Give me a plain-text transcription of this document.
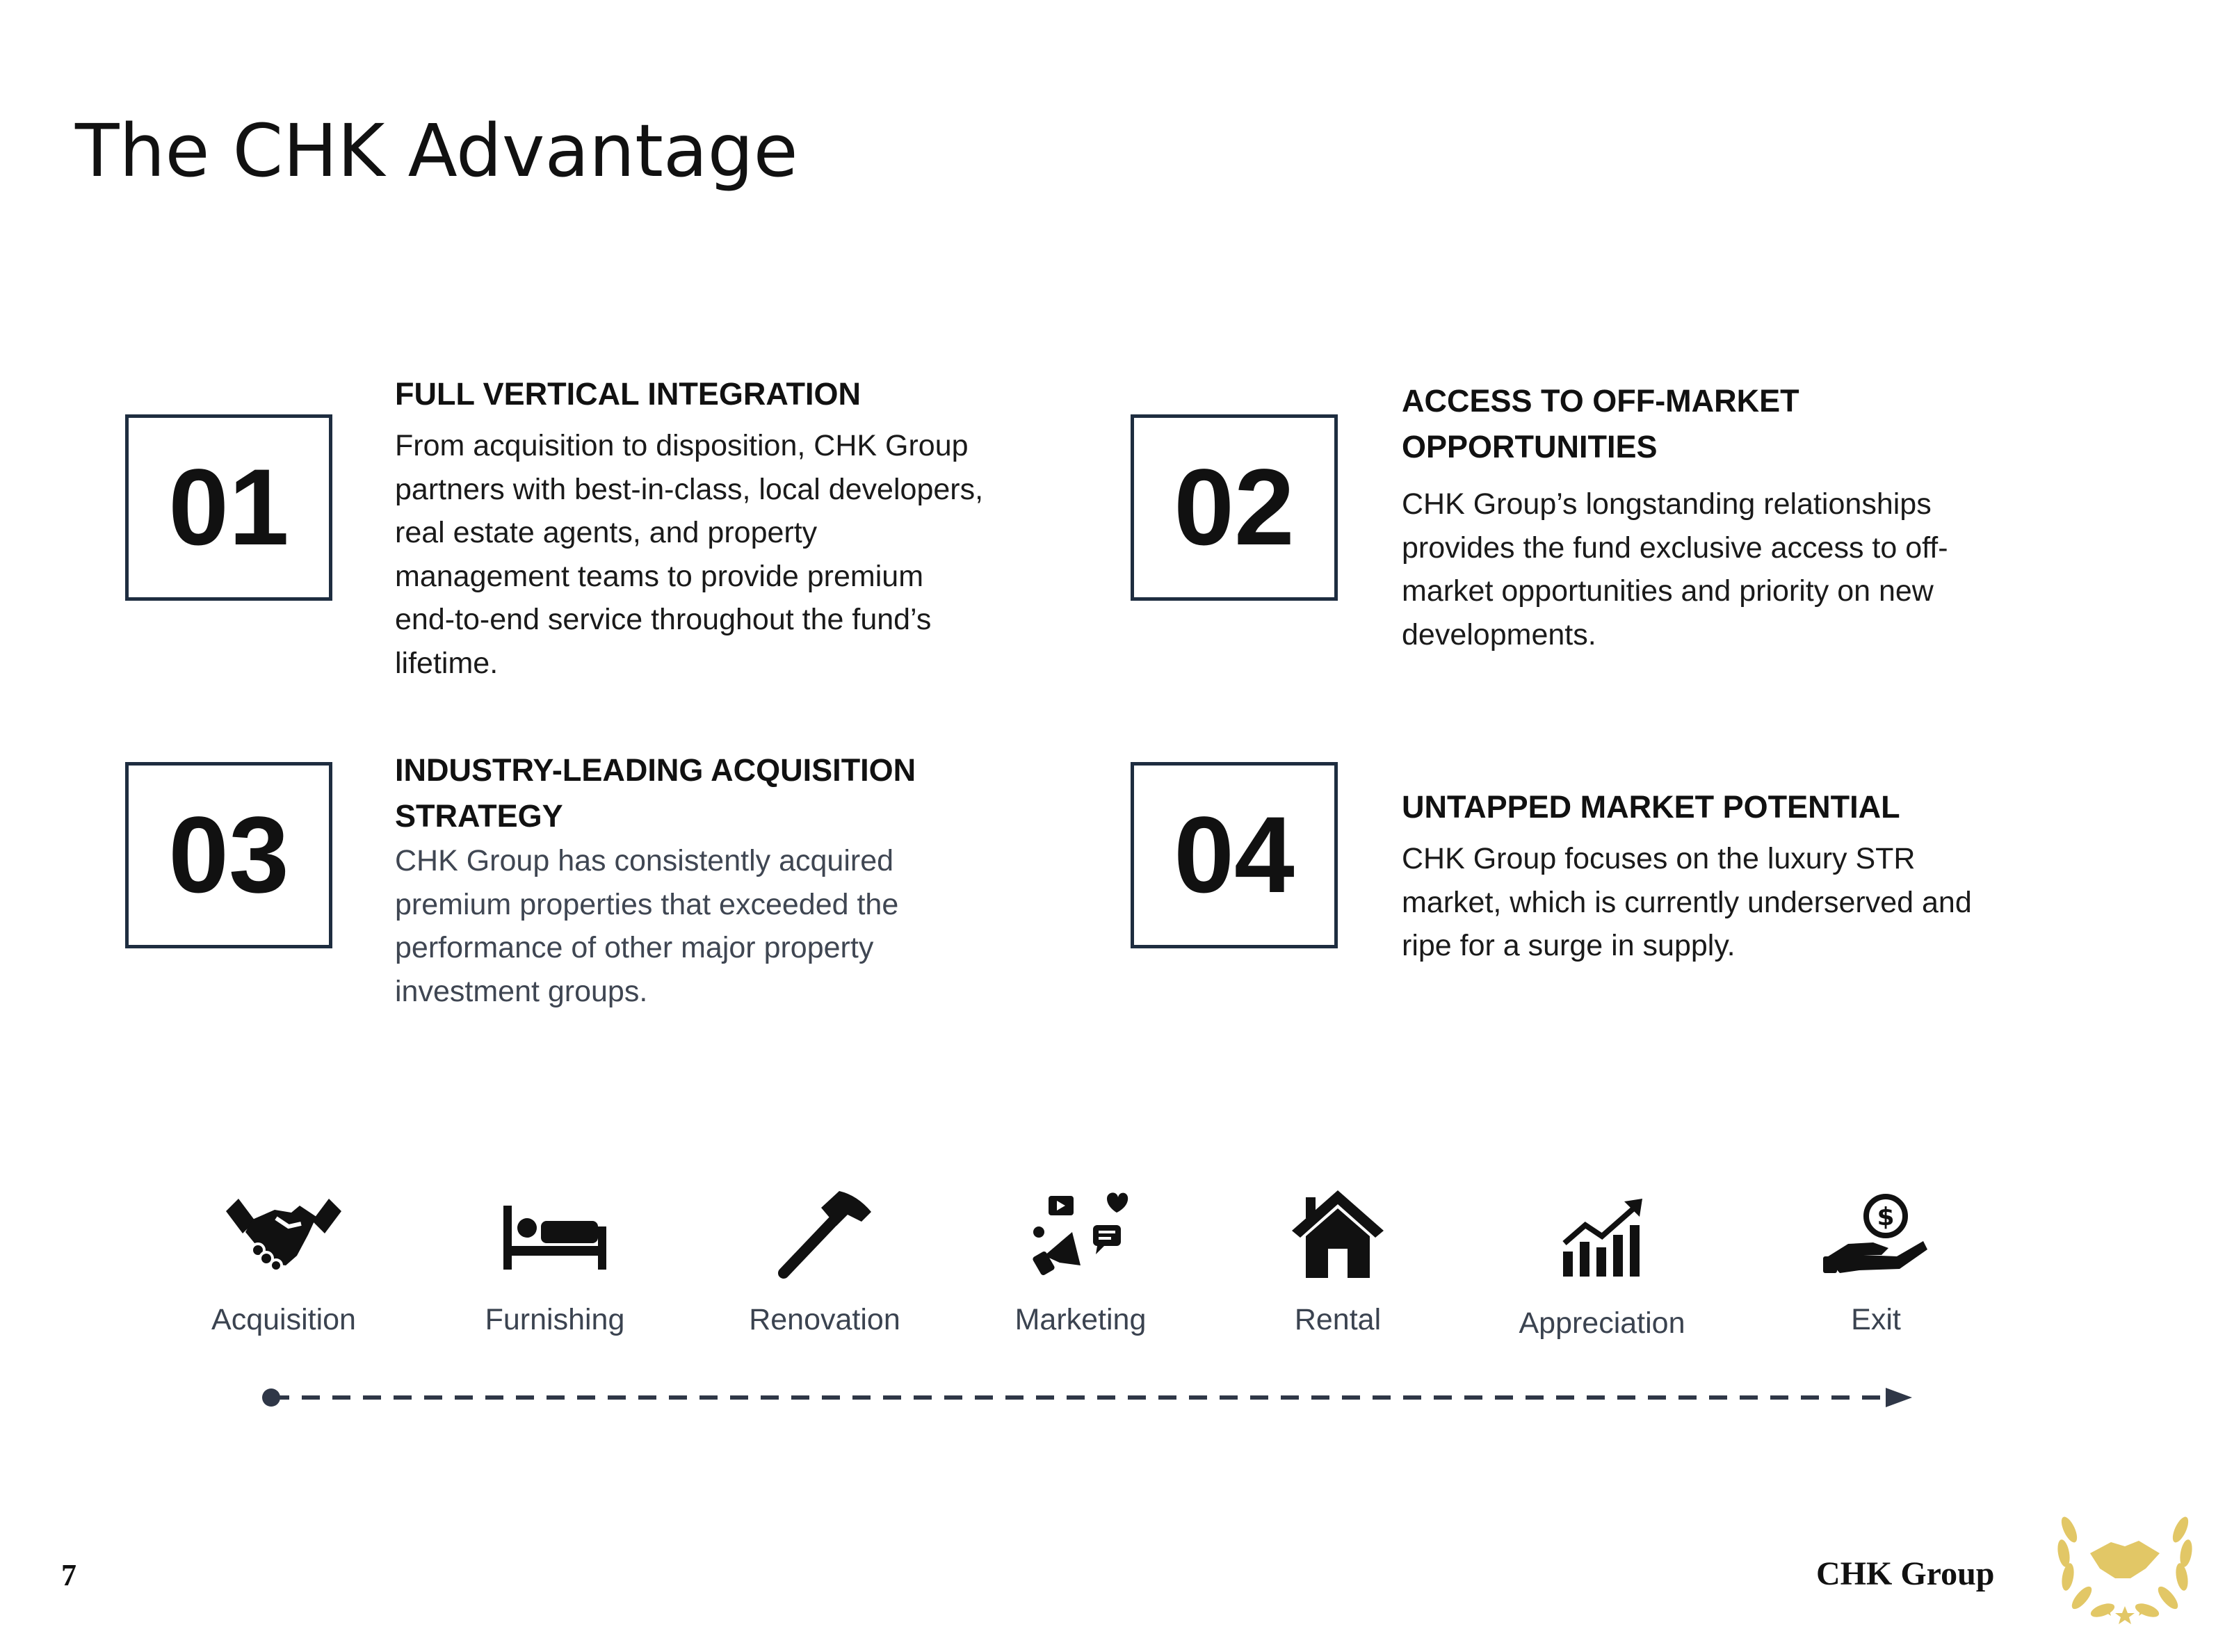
The CHK Advantage
01
FULL VERTICAL INTEGRATION

From acquisition to disposition, CHK Group
partners with best-in-class, local developers,
real estate agents, and property
management teams to provide premium
end-to-end service throughout the fund’s
lifetime.

02
ACCESS TO OFF-MARKET
OPPORTUNITIES

CHK Group’s longstanding relationships
provides the fund exclusive access to off-
market opportunities and priority on new
developments.

03
INDUSTRY-LEADING ACQUISITION
STRATEGY

CHK Group has consistently acquired
premium properties that exceeded the
performance of other major property
investment groups.

04	UNTAPPED MARKET POTENTIAL

CHK Group focuses on the luxury STR
market, which is currently underserved and
ripe for a surge in supply.

Acquisition	Furnishing	Renovation	Marketing	Rental	Appreciation
$
Exit
7	CHK Group
